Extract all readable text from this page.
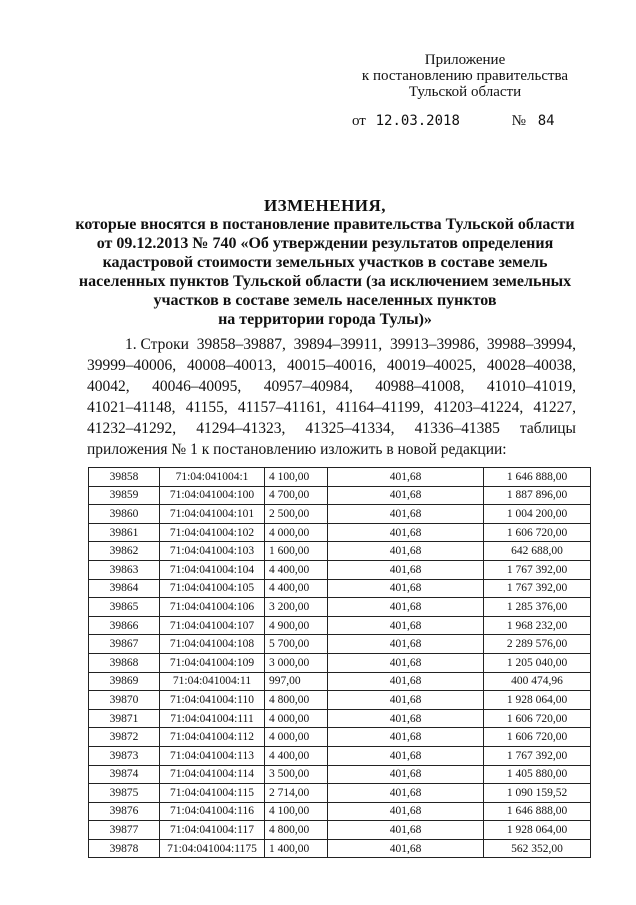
Приложение
к постановлению правительства
Тульской области
от 12.03.2018	№ 84
ИЗМЕНЕНИЯ,
которые вносятся в постановление правительства Тульской области
от 09.12.2013 № 740 «Об утверждении результатов определения
кадастровой стоимости земельных участков в составе земель
населенных пунктов Тульской области (за исключением земельных
участков в составе земель населенных пунктов
на территории города Тулы)»
1. Строки 39858–39887, 39894–39911, 39913–39986, 39988–39994,
39999–40006, 40008–40013, 40015–40016, 40019–40025, 40028–40038,
40042, 40046–40095, 40957–40984, 40988–41008, 41010–41019,
41021–41148, 41155, 41157–41161, 41164–41199, 41203–41224, 41227,
41232–41292, 41294–41323, 41325–41334, 41336–41385 таблицы
приложения № 1 к постановлению изложить в новой редакции:
39858	71:04:041004:1	4 100,00	401,68	1 646 888,00
39859	71:04:041004:100	4 700,00	401,68	1 887 896,00
39860	71:04:041004:101	2 500,00	401,68	1 004 200,00
39861	71:04:041004:102	4 000,00	401,68	1 606 720,00
39862	71:04:041004:103	1 600,00	401,68	642 688,00
39863	71:04:041004:104	4 400,00	401,68	1 767 392,00
39864	71:04:041004:105	4 400,00	401,68	1 767 392,00
39865	71:04:041004:106	3 200,00	401,68	1 285 376,00
39866	71:04:041004:107	4 900,00	401,68	1 968 232,00
39867	71:04:041004:108	5 700,00	401,68	2 289 576,00
39868	71:04:041004:109	3 000,00	401,68	1 205 040,00
39869	71:04:041004:11	997,00	401,68	400 474,96
39870	71:04:041004:110	4 800,00	401,68	1 928 064,00
39871	71:04:041004:111	4 000,00	401,68	1 606 720,00
39872	71:04:041004:112	4 000,00	401,68	1 606 720,00
39873	71:04:041004:113	4 400,00	401,68	1 767 392,00
39874	71:04:041004:114	3 500,00	401,68	1 405 880,00
39875	71:04:041004:115	2 714,00	401,68	1 090 159,52
39876	71:04:041004:116	4 100,00	401,68	1 646 888,00
39877	71:04:041004:117	4 800,00	401,68	1 928 064,00
39878	71:04:041004:1175	1 400,00	401,68	562 352,00
